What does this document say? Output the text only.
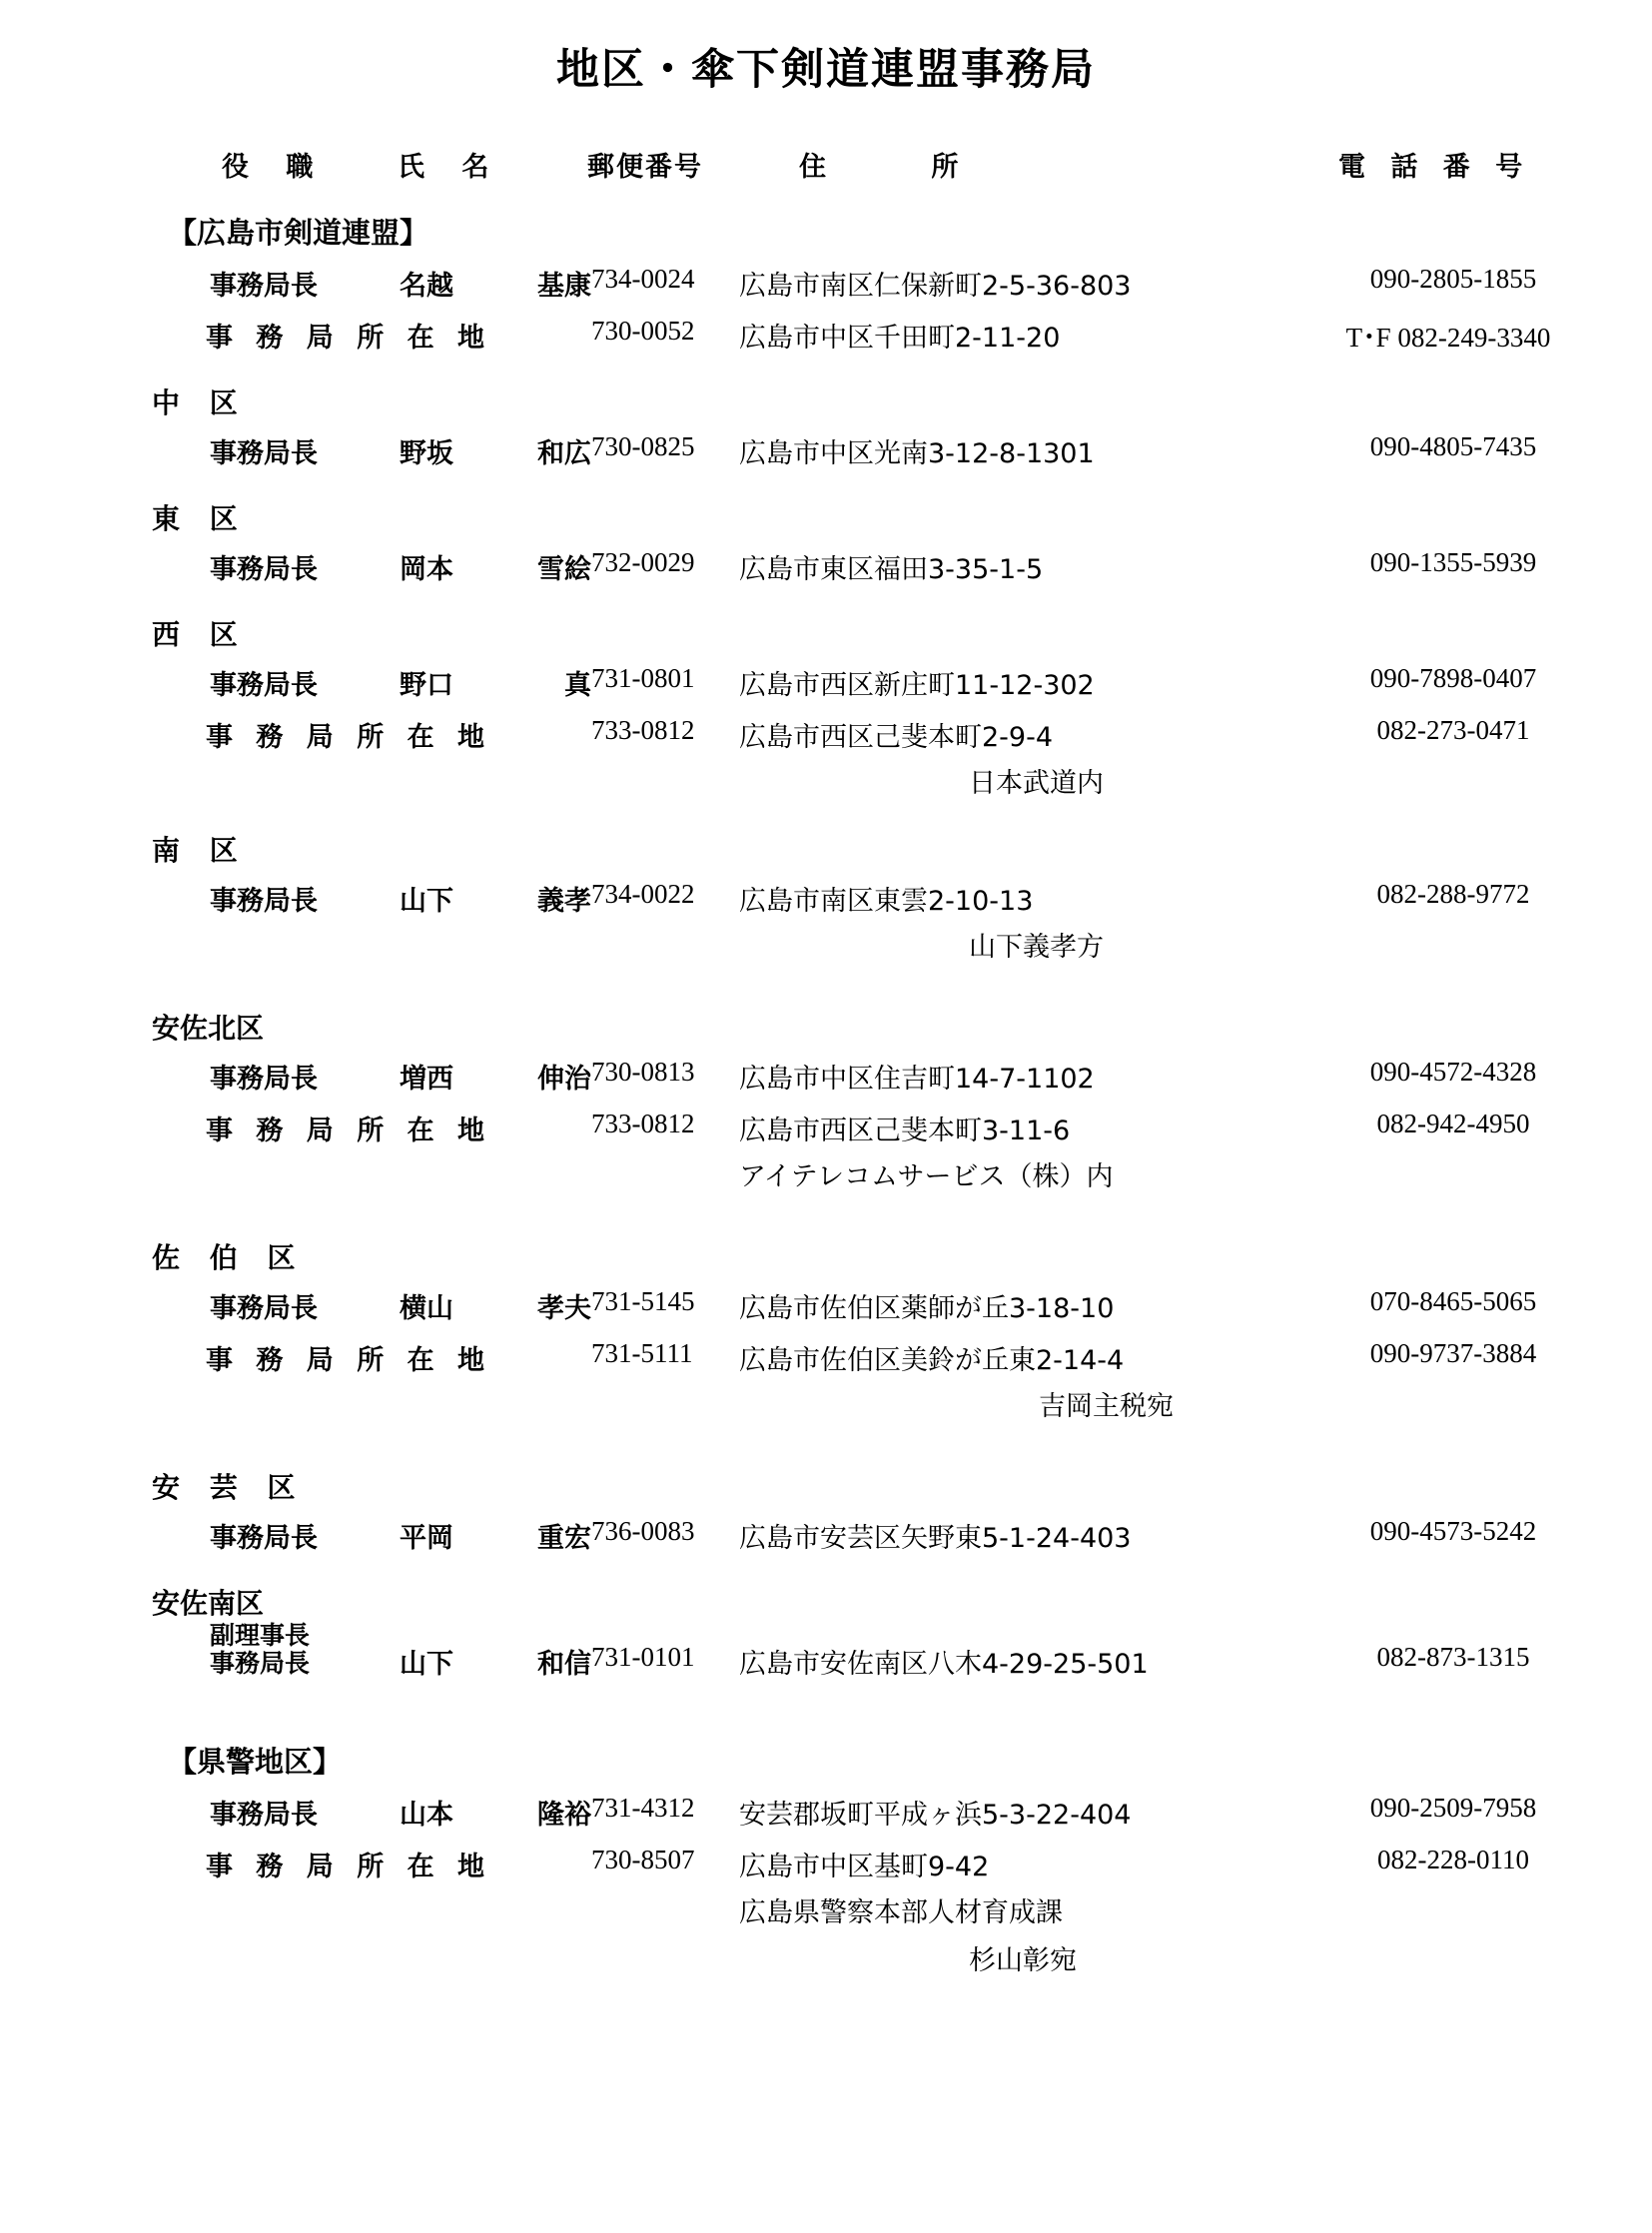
地区・傘下剣道連盟事務局
役 職	氏 名	郵便番号	住 所	電 話 番 号
【広島市剣道連盟】
事務局長	名越	基康 734-0024 広島市南区仁保新町2-5-36-803	090-2805-1855
事 務 局 所 在 地	730-0052 広島市中区千田町2-11-20	T･F 082-249-3340
中 区
事務局長	野坂	和広 730-0825 広島市中区光南3-12-8-1301	090-4805-7435
東 区
事務局長	岡本	雪絵 732-0029 広島市東区福田3-35-1-5	090-1355-5939
西 区
事務局長	野口	真 731-0801 広島市西区新庄町11-12-302	090-7898-0407
事 務 局 所 在 地	733-0812 広島市西区己斐本町2-9-4	082-273-0471
日本武道内
南 区
事務局長	山下	義孝 734-0022 広島市南区東雲2-10-13	082-288-9772
山下義孝方
安佐北区
事務局長	増西	伸治 730-0813 広島市中区住吉町14-7-1102	090-4572-4328
事 務 局 所 在 地	733-0812 広島市西区己斐本町3-11-6	082-942-4950
アイテレコムサービス（株）内
佐 伯 区
事務局長	横山	孝夫 731-5145 広島市佐伯区薬師が丘3-18-10	070-8465-5065
事 務 局 所 在 地	731-5111 広島市佐伯区美鈴が丘東2-14-4	090-9737-3884
吉岡主税宛
安 芸 区
事務局長	平岡	重宏 736-0083 広島市安芸区矢野東5-1-24-403	090-4573-5242
安佐南区
副理事長
事務局長	山下	和信 731-0101 広島市安佐南区八木4-29-25-501	082-873-1315
【県警地区】
事務局長	山本	隆裕 731-4312 安芸郡坂町平成ヶ浜5-3-22-404	090-2509-7958
事 務 局 所 在 地	730-8507 広島市中区基町9-42	082-228-0110
広島県警察本部人材育成課
杉山彰宛
